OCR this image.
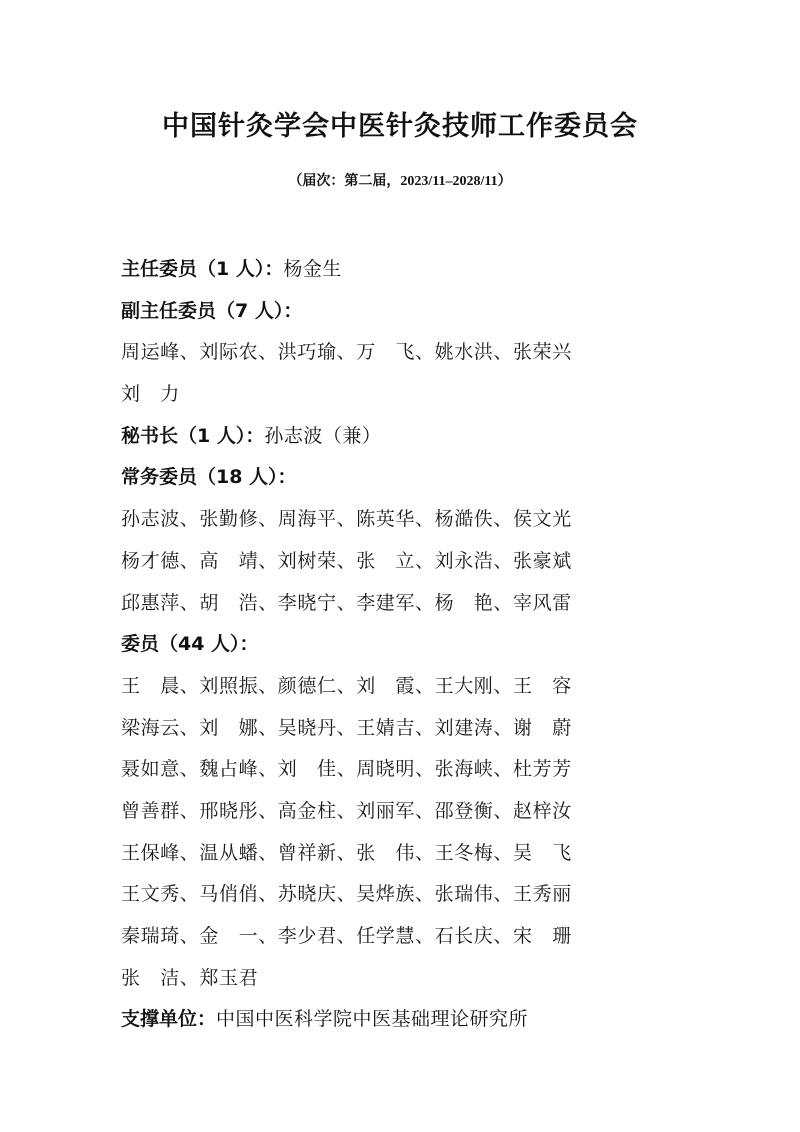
中国针灸学会中医针灸技师工作委员会
（届次：第二届，2023/11–2028/11）
主任委员（1 人）：杨金生
副主任委员（7 人）：
周运峰、刘际农、洪巧瑜、万　飞、姚水洪、张荣兴
刘　力
秘书长（1 人）：孙志波（兼）
常务委员（18 人）：
孙志波、张勤修、周海平、陈英华、杨澔佚、侯文光
杨才德、高　靖、刘树荣、张　立、刘永浩、张豪斌
邱惠萍、胡　浩、李晓宁、李建军、杨　艳、宰风雷
委员（44 人）：
王　晨、刘照振、颜德仁、刘　霞、王大刚、王　容
梁海云、刘　娜、吴晓丹、王婧吉、刘建涛、谢　蔚
聂如意、魏占峰、刘　佳、周晓明、张海峡、杜芳芳
曾善群、邢晓彤、高金柱、刘丽军、邵登衡、赵梓汝
王保峰、温从蟠、曾祥新、张　伟、王冬梅、吴　飞
王文秀、马俏俏、苏晓庆、吴烨族、张瑞伟、王秀丽
秦瑞琦、金　一、李少君、任学慧、石长庆、宋　珊
张　洁、郑玉君
支撑单位：中国中医科学院中医基础理论研究所
